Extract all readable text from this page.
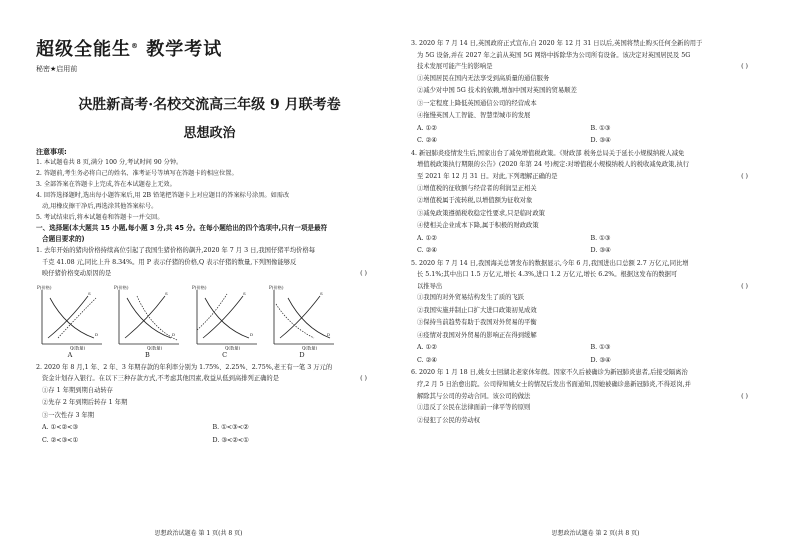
超级全能生® 教学考试
秘密★启用前
决胜新高考·名校交流高三年级 9 月联考卷
思想政治
注意事项:
1. 本试题卷共 8 页,满分 100 分,考试时间 90 分钟。
2. 答题前,考生务必将自己的姓名、准考证号等填写在答题卡的相应位置。
3. 全部答案在答题卡上完成,答在本试题卷上无效。
4. 回答选择题时,选出每小题答案后,用 2B 铅笔把答题卡上对应题目的答案标号涂黑。如需改
动,用橡皮擦干净后,再选涂其他答案标号。
5. 考试结束后,将本试题卷和答题卡一并交回。
一、选择题(本大题共 15 小题,每小题 3 分,共 45 分。在每小题给出的四个选项中,只有一项是最符
合题目要求的)
1. 去年开始的猪肉价格持续高位引起了我国生猪价格的飙升,2020 年 7 月 3 日,我国仔猪平均价格每
千克 41.08 元,同比上升 8.34%。用 P 表示仔猪的价格,Q 表示仔猪的数量,下列图像能够反
映仔猪价格变动原因的是	( )
P(价格)
Q(数量)
D
S
A
P(价格)
Q(数量)
D
S
B
P(价格)
Q(数量)
D
S
C
P(价格)
Q(数量)
D
S
D
2. 2020 年 8 月,1 年、2 年、3 年期存款的年利率分别为 1.75%、2.25%、2.75%,老王有一笔 3 万元的
资金计划存入银行。在以下三种存款方式,不考虑其他因素,收益从低到高排列正确的是	( )
①存 1 年期到期自动转存
②先存 2 年到期后转存 1 年期
③一次性存 3 年期
A. ①<②<③	B. ①<③<②
C. ②<③<①	D. ③<②<①
思想政治试题卷 第 1 页(共 8 页)
3. 2020 年 7 月 14 日,英国政府正式宣布,自 2020 年 12 月 31 日以后,英国将禁止购买任何全新的用于
为 5G 设备,并在 2027 年之前从英国 5G 网络中拆除华为公司所有设备。该决定对英国居民及 5G
技术发展可能产生的影响是	( )
①英国居民在国内无法享受到高质量的通信服务
②减少对中国 5G 技术的依赖,增加中国对英国的贸易顺差
③一定程度上降低英国通信公司的经营成本
④拖慢英国人工智能、智慧型城市的发展
A. ①②	B. ①③
C. ②④	D. ③④
4. 新冠肺炎疫情发生后,国家出台了减免增值税政策。《财政部 税务总局关于延长小规模纳税人减免
增值税政策执行期限的公告》(2020 年第 24 号)规定:对增值税小规模纳税人的税收减免政策,执行
至 2021 年 12 月 31 日。对此,下列理解正确的是	( )
①增值税的征收额与经营者的利润呈正相关
②增值税属于流转税,以增值额为征收对象
③减免政策遵循税收稳定性要求,只是临时政策
④使相关企业成本下降,属于积极的财政政策
A. ①②	B. ①③
C. ②④	D. ③④
5. 2020 年 7 月 14 日,我国海关总署发布的数据显示,今年 6 月,我国进出口总额 2.7 万亿元,同比增
长 5.1%;其中出口 1.5 万亿元,增长 4.3%,进口 1.2 万亿元,增长 6.2%。根据这发布的数据可
以推导出	( )
①我国的对外贸易结构发生了质的飞跃
②我国实施并制止口扩大进口政策初见成效
③保持当前趋势有助于我国对外贸易的平衡
④疫情对我国对外贸易的影响正在得到缓解
A. ①②	B. ①③
C. ②④	D. ③④
6. 2020 年 1 月 18 日,姚女士回湖北老家休年假。因家不久后被确诊为新冠肺炎患者,后接受隔离治
疗,2 月 5 日治愈出院。公司得知姚女士的情况后发出书面通知,因她被确诊患新冠肺炎,不得返岗,并
解除其与公司的劳动合同。该公司的做法	( )
①违反了公民在法律面前一律平等的原则
②侵犯了公民的劳动权
思想政治试题卷 第 2 页(共 8 页)
